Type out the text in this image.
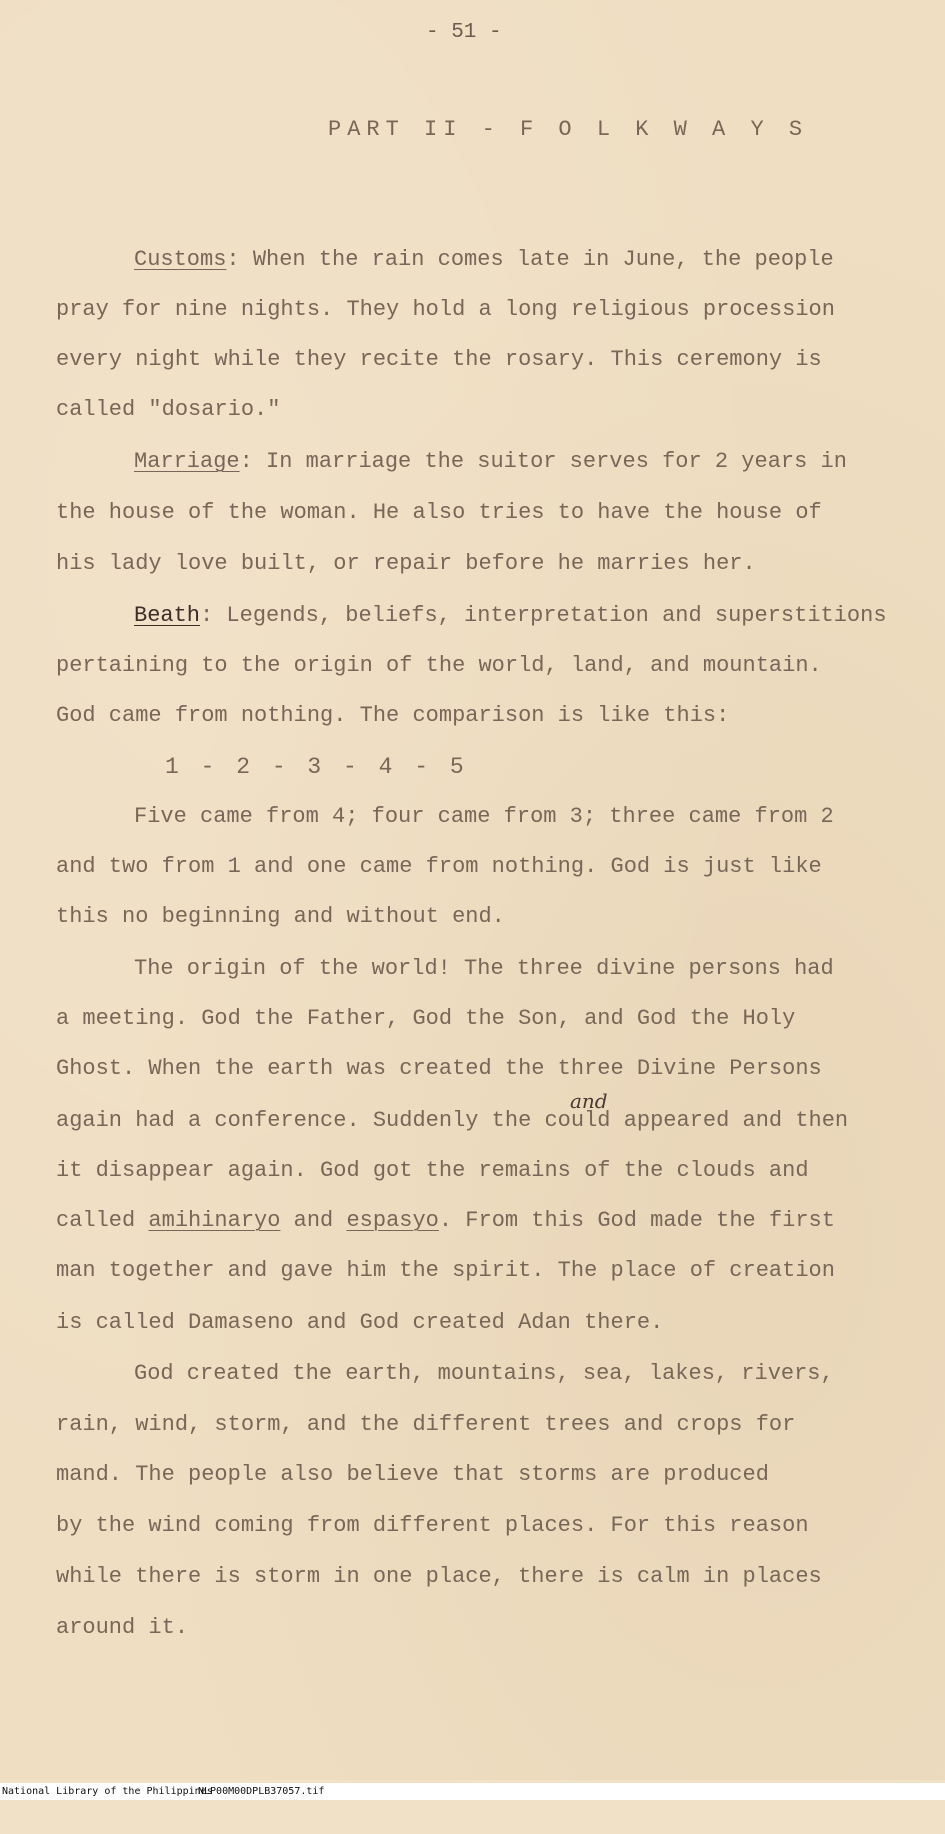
- 51 -
PART II - F O L K W A Y S
Customs: When the rain comes late in June, the people
pray for nine nights. They hold a long religious procession
every night while they recite the rosary. This ceremony is
called "dosario."
Marriage: In marriage the suitor serves for 2 years in
the house of the woman. He also tries to have the house of
his lady love built, or repair before he marries her.
Beath: Legends, beliefs, interpretation and superstitions
pertaining to the origin of the world, land, and mountain.
God came from nothing. The comparison is like this:
1 - 2 - 3 - 4 - 5
Five came from 4; four came from 3; three came from 2
and two from 1 and one came from nothing. God is just like
this no beginning and without end.
The origin of the world! The three divine persons had
a meeting. God the Father, God the Son, and God the Holy
Ghost. When the earth was created the three Divine Persons
and
again had a conference. Suddenly the could appeared and then
it disappear again. God got the remains of the clouds and
called amihinaryo and espasyo. From this God made the first
man together and gave him the spirit. The place of creation
is called Damaseno and God created Adan there.
God created the earth, mountains, sea, lakes, rivers,
rain, wind, storm, and the different trees and crops for
mand. The people also believe that storms are produced
by the wind coming from different places. For this reason
while there is storm in one place, there is calm in places
around it.

National Library of the Philippines

NLP00M00DPLB37057.tif
